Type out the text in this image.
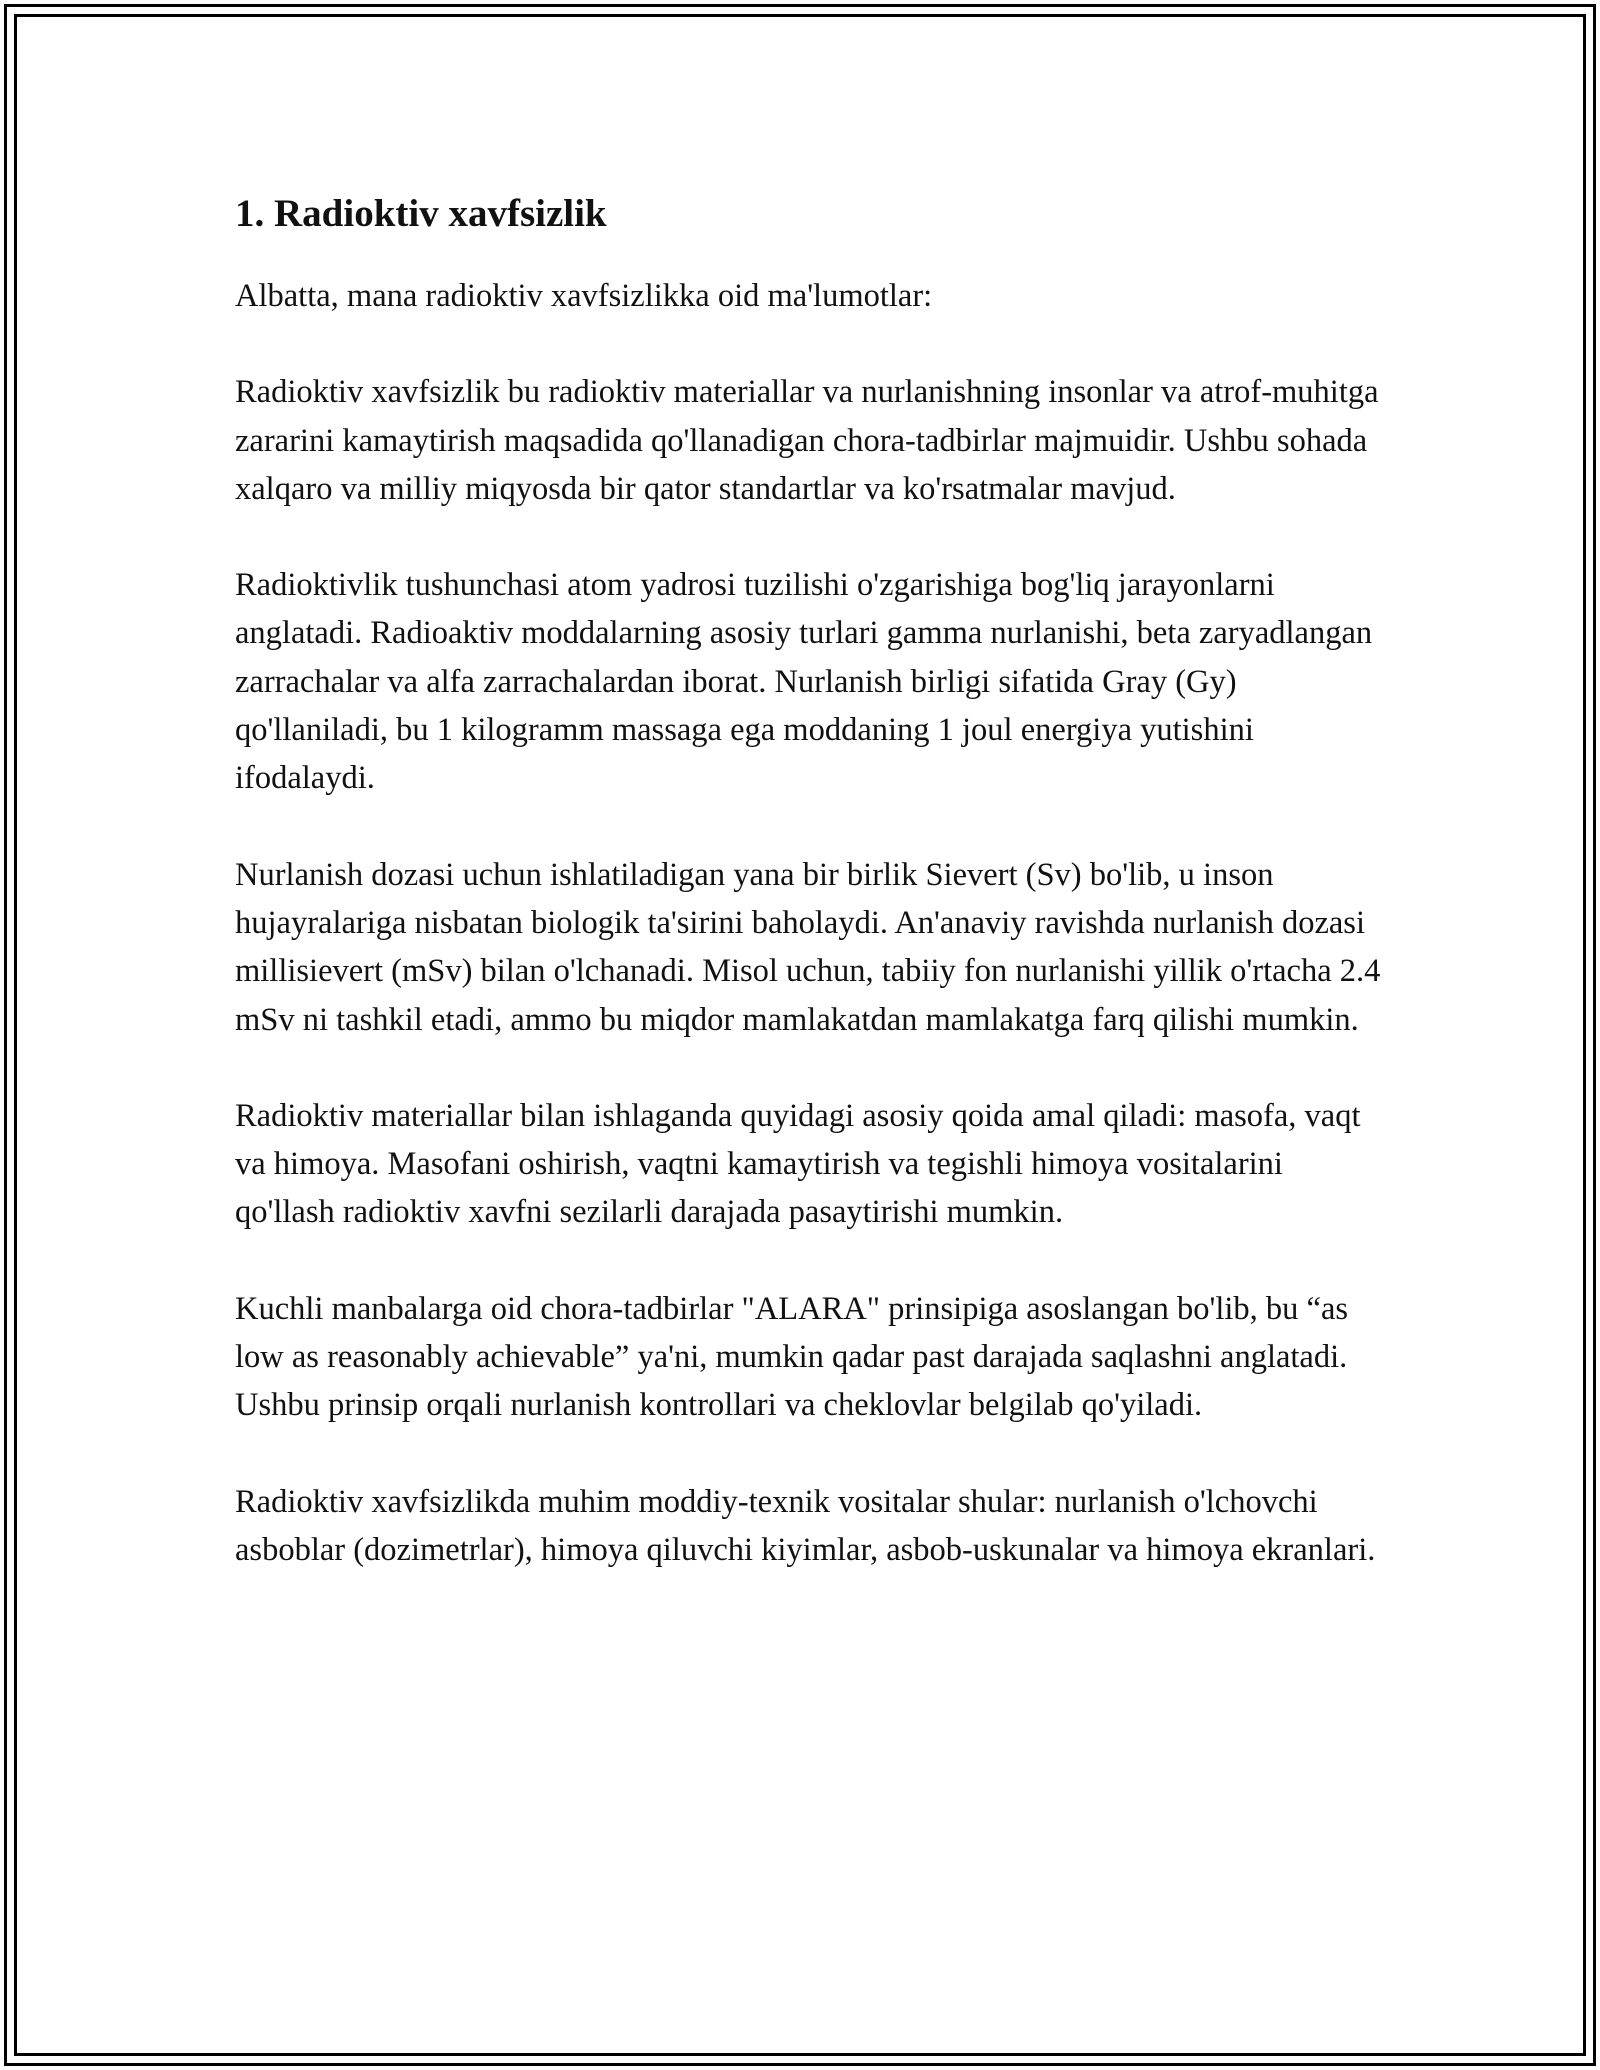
1. Radioktiv xavfsizlik

Albatta, mana radioktiv xavfsizlikka oid ma'lumotlar:

Radioktiv xavfsizlik bu radioktiv materiallar va nurlanishning insonlar va atrof-muhitga zararini kamaytirish maqsadida qo'llanadigan chora-tadbirlar majmuidir. Ushbu sohada xalqaro va milliy miqyosda bir qator standartlar va ko'rsatmalar mavjud.

Radioktivlik tushunchasi atom yadrosi tuzilishi o'zgarishiga bog'liq jarayonlarni anglatadi. Radioaktiv moddalarning asosiy turlari gamma nurlanishi, beta zaryadlangan zarrachalar va alfa zarrachalardan iborat. Nurlanish birligi sifatida Gray (Gy) qo'llaniladi, bu 1 kilogramm massaga ega moddaning 1 joul energiya yutishini ifodalaydi.

Nurlanish dozasi uchun ishlatiladigan yana bir birlik Sievert (Sv) bo'lib, u inson hujayralariga nisbatan biologik ta'sirini baholaydi. An'anaviy ravishda nurlanish dozasi millisievert (mSv) bilan o'lchanadi. Misol uchun, tabiiy fon nurlanishi yillik o'rtacha 2.4 mSv ni tashkil etadi, ammo bu miqdor mamlakatdan mamlakatga farq qilishi mumkin.

Radioktiv materiallar bilan ishlaganda quyidagi asosiy qoida amal qiladi: masofa, vaqt va himoya. Masofani oshirish, vaqtni kamaytirish va tegishli himoya vositalarini qo'llash radioktiv xavfni sezilarli darajada pasaytirishi mumkin.

Kuchli manbalarga oid chora-tadbirlar "ALARA" prinsipiga asoslangan bo'lib, bu “as low as reasonably achievable” ya'ni, mumkin qadar past darajada saqlashni anglatadi. Ushbu prinsip orqali nurlanish kontrollari va cheklovlar belgilab qo'yiladi.

Radioktiv xavfsizlikda muhim moddiy-texnik vositalar shular: nurlanish o'lchovchi asboblar (dozimetrlar), himoya qiluvchi kiyimlar, asbob-uskunalar va himoya ekranlari.
